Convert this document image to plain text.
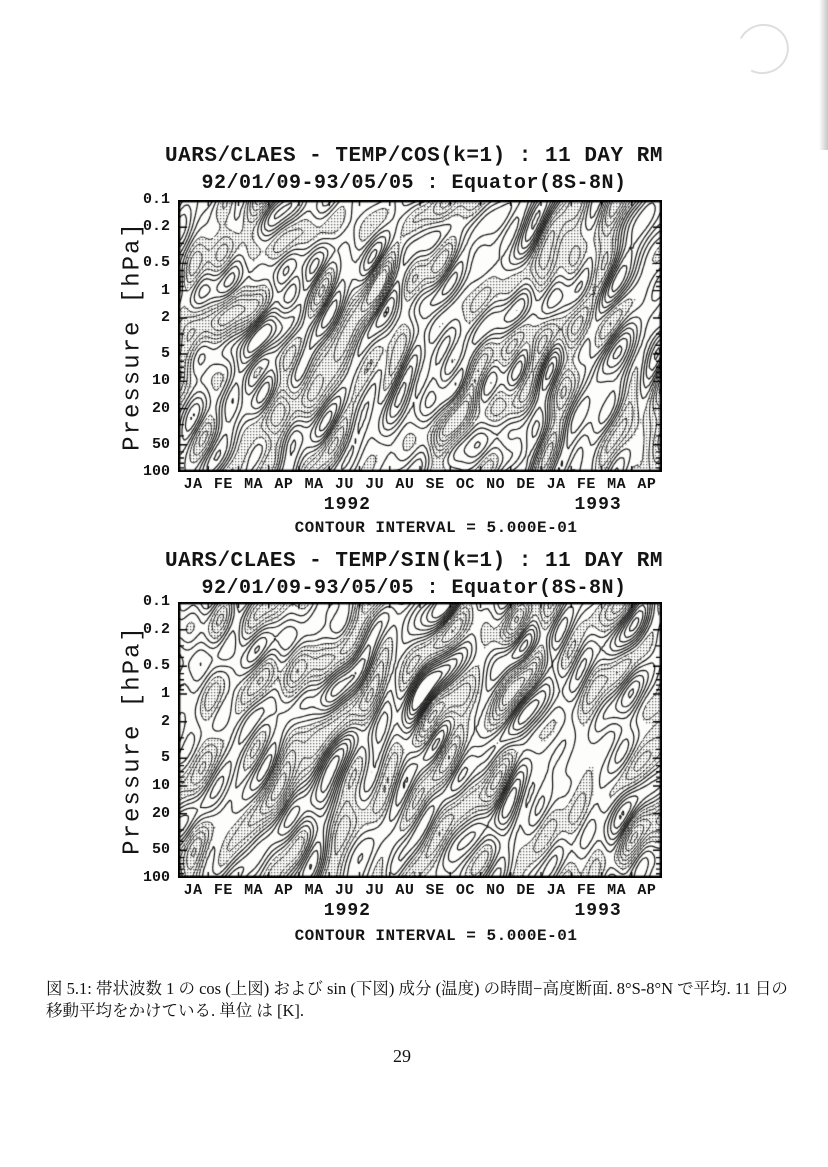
UARS/CLAES - TEMP/COS(k=1) : 11 DAY RM
92/01/09-93/05/05 : Equator(8S-8N)
Pressure [hPa]
CONTOUR INTERVAL = 5.000E-01
0.1
0.2
0.5
1
2
5
10
20
50
100
JA FE MA AP MA JU JU AU SE OC NO DE JA FE MA AP
1992	1993
UARS/CLAES - TEMP/SIN(k=1) : 11 DAY RM
92/01/09-93/05/05 : Equator(8S-8N)
Pressure [hPa]
CONTOUR INTERVAL = 5.000E-01
0.1
0.2
0.5
1
2
5
10
20
50
100
JA FE MA AP MA JU JU AU SE OC NO DE JA FE MA AP
1992	1993
図 5.1: 帯状波数 1 の cos (上図) および sin (下図) 成分 (温度) の時間−高度断面. 8°S-8°N で平均. 11 日の移動平均をかけている. 単位 は [K].
29
